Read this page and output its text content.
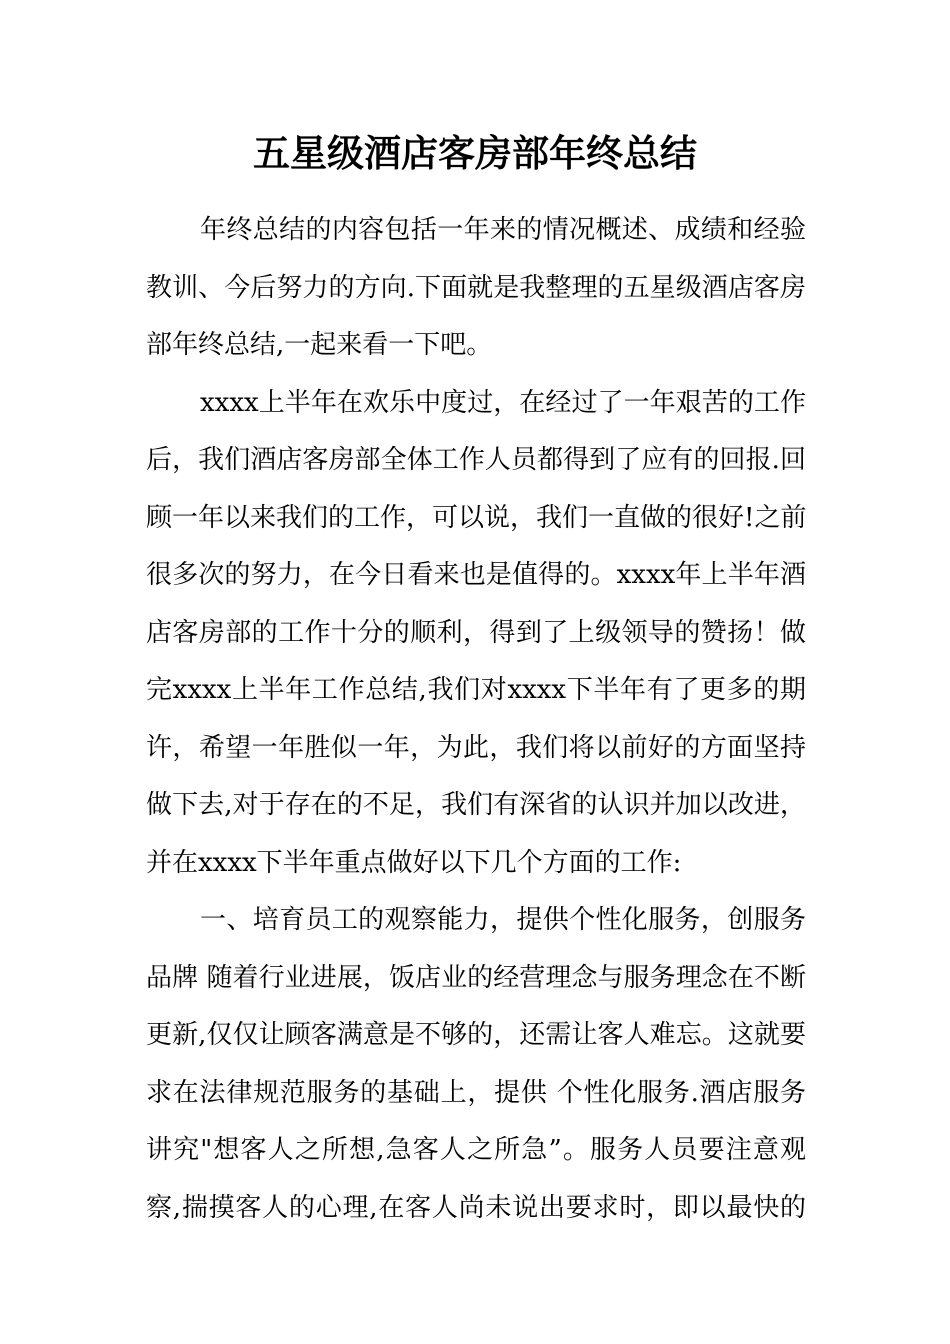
五星级酒店客房部年终总结
年终总结的内容包括一年来的情况概述、成绩和经验
教训、今后努力的方向.下面就是我整理的五星级酒店客房
部年终总结,一起来看一下吧。
xxxx上半年在欢乐中度过，在经过了一年艰苦的工作
后，我们酒店客房部全体工作人员都得到了应有的回报.回
顾一年以来我们的工作，可以说，我们一直做的很好!之前
很多次的努力，在今日看来也是值得的。xxxx年上半年酒
店客房部的工作十分的顺利，得到了上级领导的赞扬！做
完xxxx上半年工作总结,我们对xxxx下半年有了更多的期
许，希望一年胜似一年，为此，我们将以前好的方面坚持
做下去,对于存在的不足，我们有深省的认识并加以改进，
并在xxxx下半年重点做好以下几个方面的工作:
一、培育员工的观察能力，提供个性化服务，创服务
品牌 随着行业进展，饭店业的经营理念与服务理念在不断
更新,仅仅让顾客满意是不够的，还需让客人难忘。这就要
求在法律规范服务的基础上，提供 个性化服务.酒店服务
讲究"想客人之所想,急客人之所急”。服务人员要注意观
察,揣摸客人的心理,在客人尚未说出要求时，即以最快的
